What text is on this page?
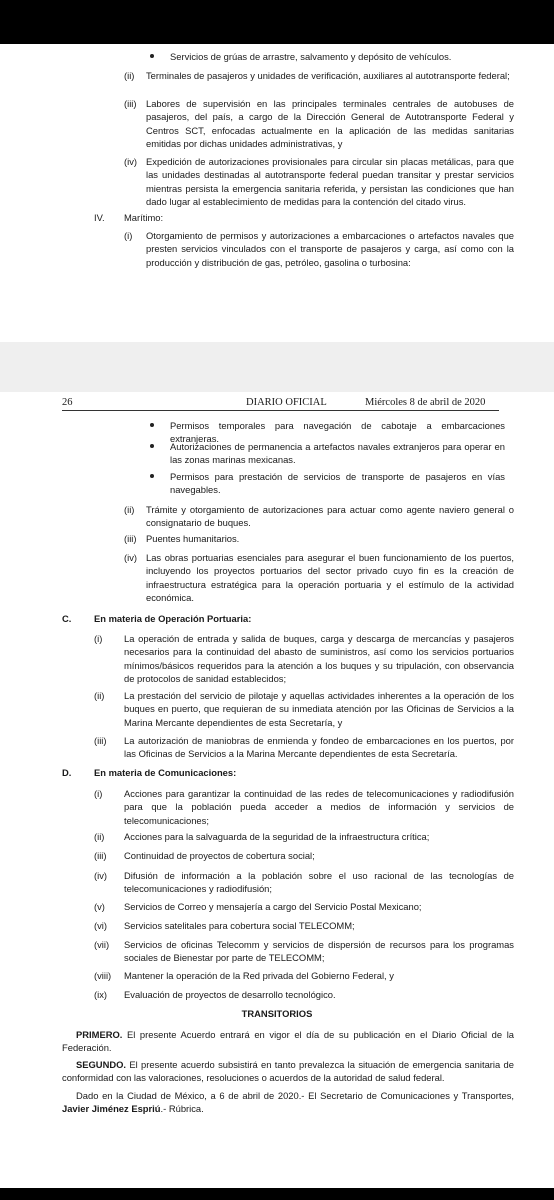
Servicios de grúas de arrastre, salvamento y depósito de vehículos.
(ii) Terminales de pasajeros y unidades de verificación, auxiliares al autotransporte federal;
(iii) Labores de supervisión en las principales terminales centrales de autobuses de pasajeros, del país, a cargo de la Dirección General de Autotransporte Federal y Centros SCT, enfocadas actualmente en la aplicación de las medidas sanitarias emitidas por dichas unidades administrativas, y
(iv) Expedición de autorizaciones provisionales para circular sin placas metálicas, para que las unidades destinadas al autotransporte federal puedan transitar y prestar servicios mientras persista la emergencia sanitaria referida, y persistan las condiciones que han dado lugar al establecimiento de medidas para la contención del citado virus.
IV. Marítimo:
(i) Otorgamiento de permisos y autorizaciones a embarcaciones o artefactos navales que presten servicios vinculados con el transporte de pasajeros y carga, así como con la producción y distribución de gas, petróleo, gasolina o turbosina:
26	DIARIO OFICIAL	Miércoles 8 de abril de 2020
Permisos temporales para navegación de cabotaje a embarcaciones extranjeras.
Autorizaciones de permanencia a artefactos navales extranjeros para operar en las zonas marinas mexicanas.
Permisos para prestación de servicios de transporte de pasajeros en vías navegables.
(ii) Trámite y otorgamiento de autorizaciones para actuar como agente naviero general o consignatario de buques.
(iii) Puentes humanitarios.
(iv) Las obras portuarias esenciales para asegurar el buen funcionamiento de los puertos, incluyendo los proyectos portuarios del sector privado cuyo fin es la creación de infraestructura estratégica para la operación portuaria y el estímulo de la actividad económica.
C. En materia de Operación Portuaria:
(i) La operación de entrada y salida de buques, carga y descarga de mercancías y pasajeros necesarios para la continuidad del abasto de suministros, así como los servicios portuarios mínimos/básicos requeridos para la atención a los buques y su tripulación, con observancia de protocolos de sanidad establecidos;
(ii) La prestación del servicio de pilotaje y aquellas actividades inherentes a la operación de los buques en puerto, que requieran de su inmediata atención por las Oficinas de Servicios a la Marina Mercante dependientes de esta Secretaría, y
(iii) La autorización de maniobras de enmienda y fondeo de embarcaciones en los puertos, por las Oficinas de Servicios a la Marina Mercante dependientes de esta Secretaría.
D. En materia de Comunicaciones:
(i) Acciones para garantizar la continuidad de las redes de telecomunicaciones y radiodifusión para que la población pueda acceder a medios de información y servicios de telecomunicaciones;
(ii) Acciones para la salvaguarda de la seguridad de la infraestructura crítica;
(iii) Continuidad de proyectos de cobertura social;
(iv) Difusión de información a la población sobre el uso racional de las tecnologías de telecomunicaciones y radiodifusión;
(v) Servicios de Correo y mensajería a cargo del Servicio Postal Mexicano;
(vi) Servicios satelitales para cobertura social TELECOMM;
(vii) Servicios de oficinas Telecomm y servicios de dispersión de recursos para los programas sociales de Bienestar por parte de TELECOMM;
(viii) Mantener la operación de la Red privada del Gobierno Federal, y
(ix) Evaluación de proyectos de desarrollo tecnológico.
TRANSITORIOS
PRIMERO. El presente Acuerdo entrará en vigor el día de su publicación en el Diario Oficial de la Federación.
SEGUNDO. El presente acuerdo subsistirá en tanto prevalezca la situación de emergencia sanitaria de conformidad con las valoraciones, resoluciones o acuerdos de la autoridad de salud federal.
Dado en la Ciudad de México, a 6 de abril de 2020.- El Secretario de Comunicaciones y Transportes, Javier Jiménez Espriú.- Rúbrica.
